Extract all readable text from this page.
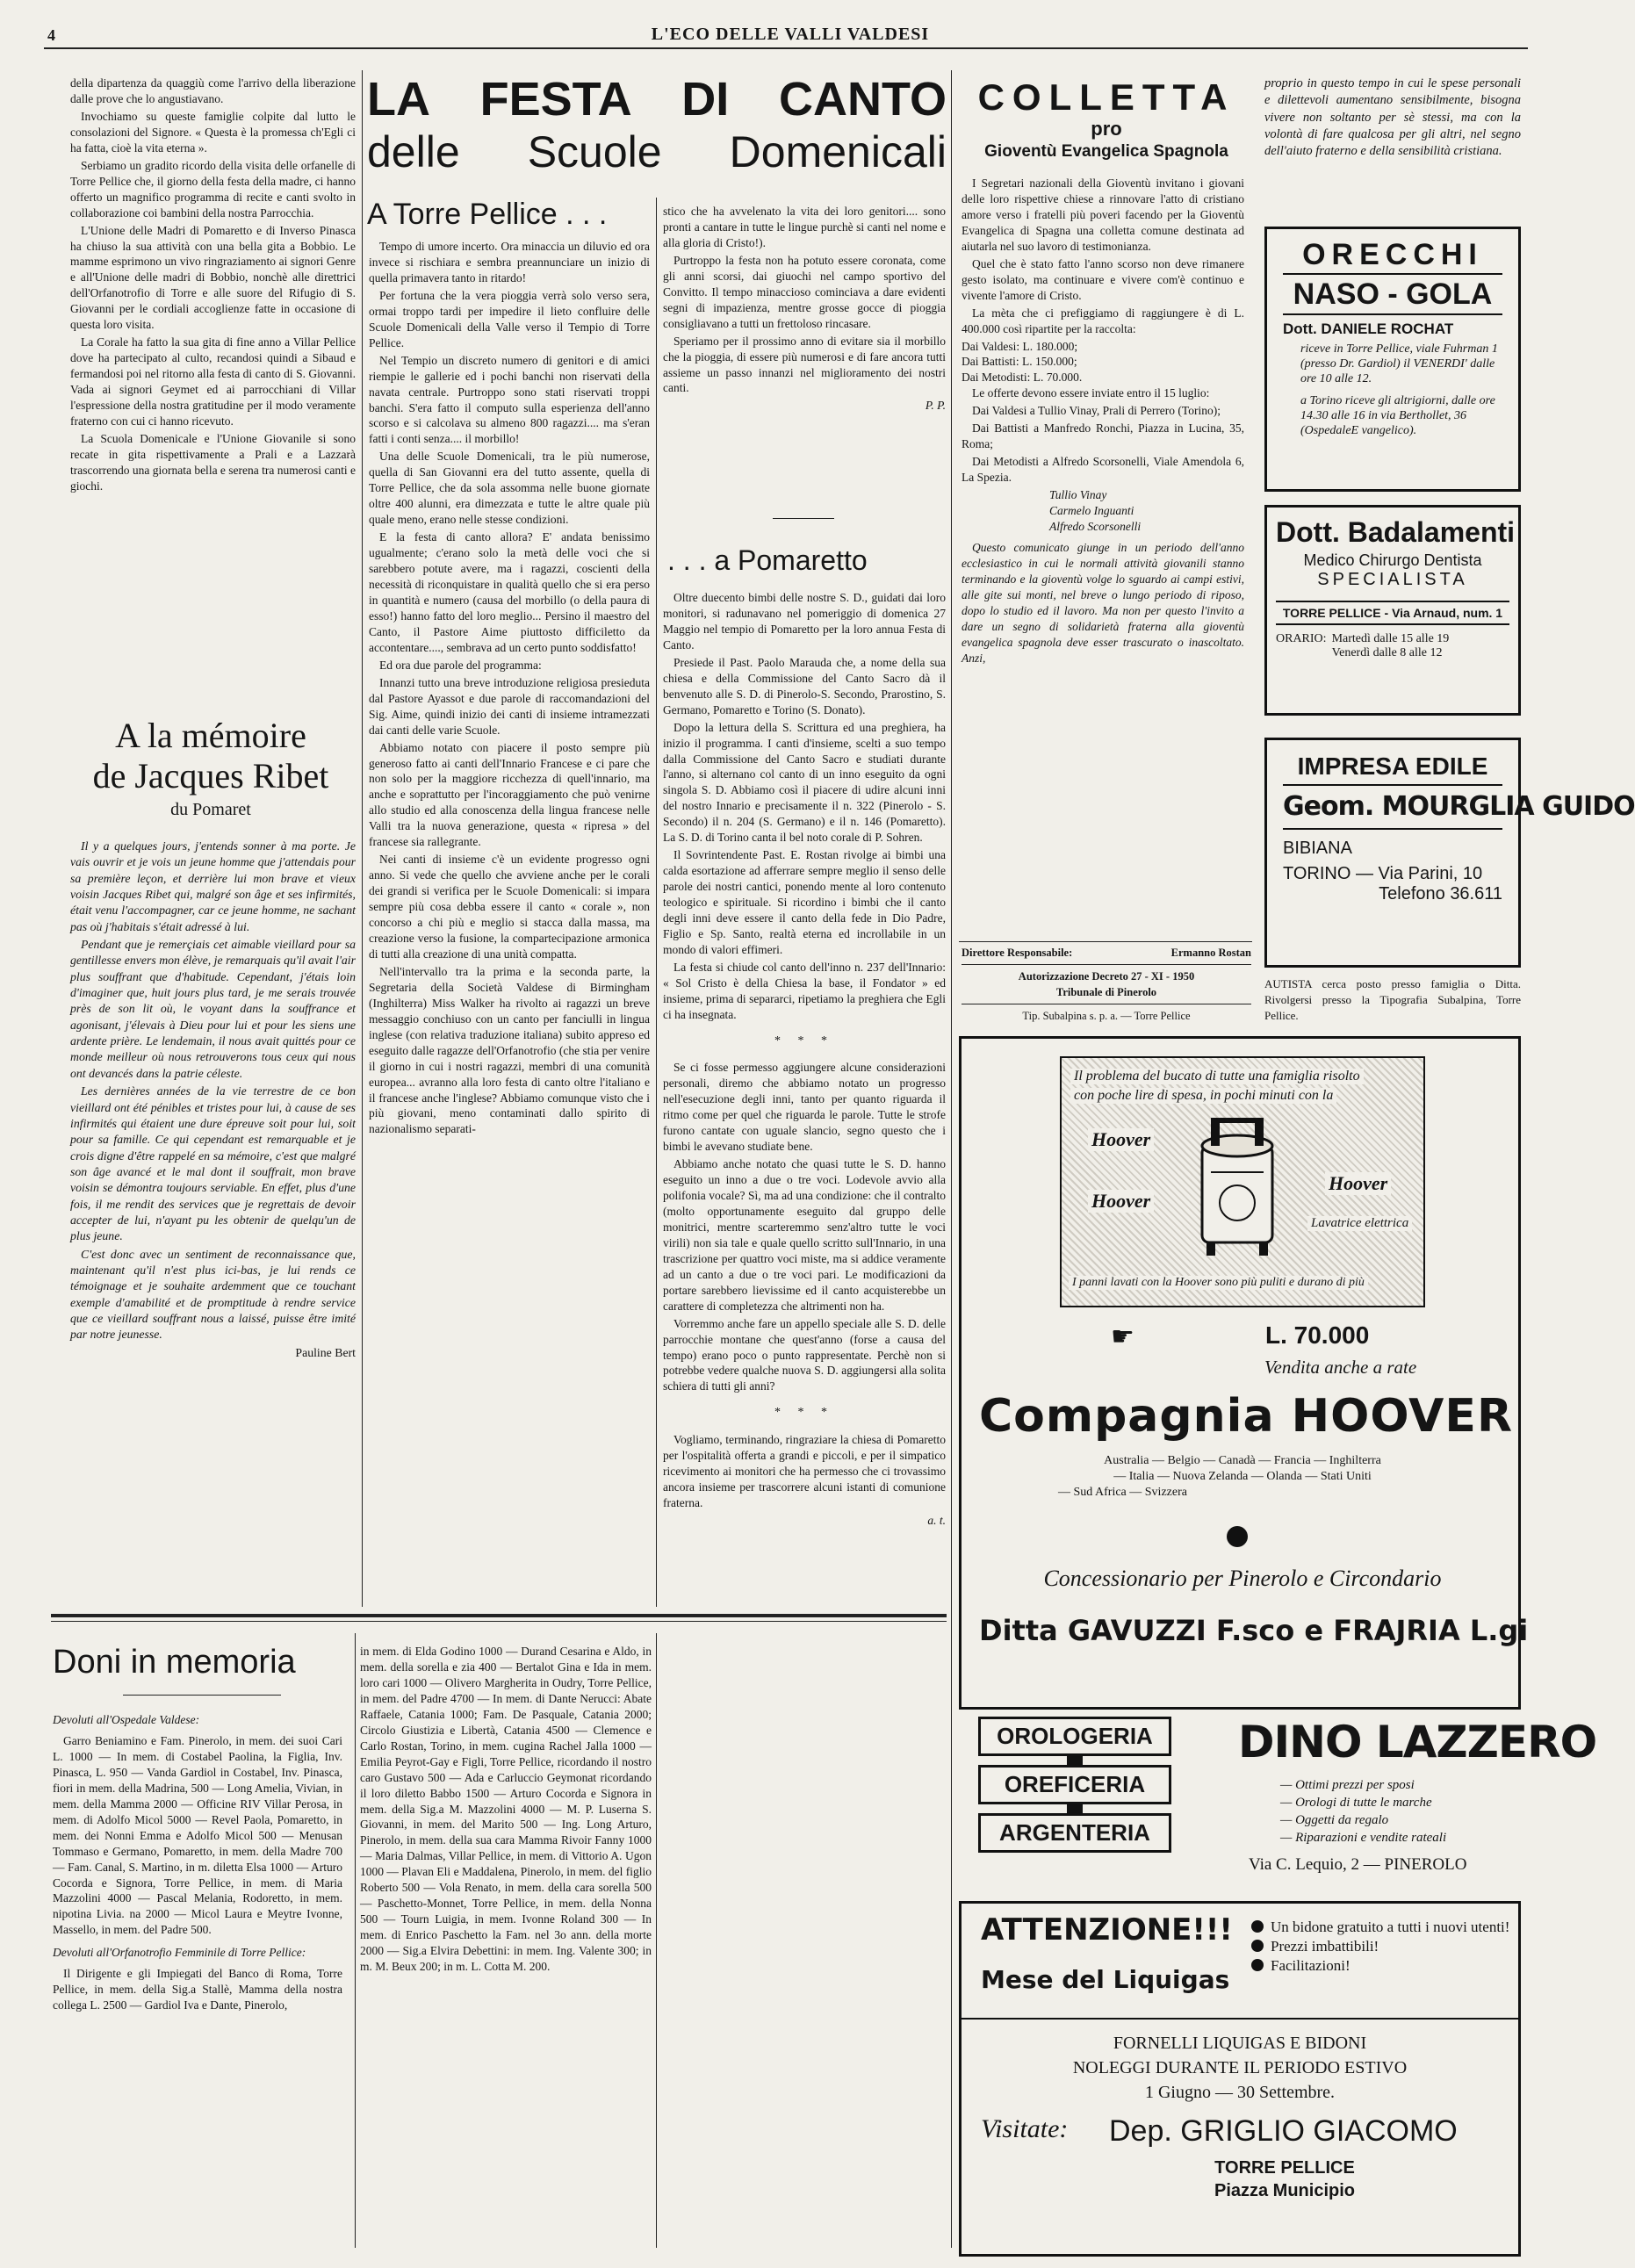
4	L'ECO DELLE VALLI VALDESI

della dipartenza da quaggiù come l'arrivo della liberazione dalle prove che lo angustiavano.

Invochiamo su queste famiglie colpite dal lutto le consolazioni del Signore. « Questa è la promessa ch'Egli ci ha fatta, cioè la vita eterna ».

Serbiamo un gradito ricordo della visita delle orfanelle di Torre Pellice che, il giorno della festa della madre, ci hanno offerto un magnifico programma di recite e canti svolto in collaborazione coi bambini della nostra Parrocchia.

L'Unione delle Madri di Pomaretto e di Inverso Pinasca ha chiuso la sua attività con una bella gita a Bobbio. Le mamme esprimono un vivo ringraziamento ai signori Genre e all'Unione delle madri di Bobbio, nonchè alle direttrici dell'Orfanotrofio di Torre e alle suore del Rifugio di S. Giovanni per le cordiali accoglienze fatte in occasione di questa loro visita.

La Corale ha fatto la sua gita di fine anno a Villar Pellice dove ha partecipato al culto, recandosi quindi a Sibaud e fermandosi poi nel ritorno alla festa di canto di S. Giovanni. Vada ai signori Geymet ed ai parrocchiani di Villar l'espressione della nostra gratitudine per il modo veramente fraterno con cui ci hanno ricevuto.

La Scuola Domenicale e l'Unione Giovanile si sono recate in gita rispettivamente a Prali e a Lazzarà trascorrendo una giornata bella e serena tra numerosi canti e giochi.

A la mémoire
de Jacques Ribet
du Pomaret

Il y a quelques jours, j'entends sonner à ma porte. Je vais ouvrir et je vois un jeune homme que j'attendais pour sa première leçon, et derrière lui mon brave et vieux voisin Jacques Ribet qui, malgré son âge et ses infirmités, était venu l'accompagner, car ce jeune homme, ne sachant pas où j'habitais s'était adressé à lui.

Pendant que je remerçiais cet aimable vieillard pour sa gentillesse envers mon élève, je remarquais qu'il avait l'air plus souffrant que d'habitude. Cependant, j'étais loin d'imaginer que, huit jours plus tard, je me serais trouvée près de son lit où, le voyant dans la souffrance et agonisant, j'élevais à Dieu pour lui et pour les siens une ardente prière. Le lendemain, il nous avait quittés pour ce monde meilleur où nous retrouverons tous ceux qui nous ont devancés dans la patrie céleste.

Les dernières années de la vie terrestre de ce bon vieillard ont été pénibles et tristes pour lui, à cause de ses infirmités qui étaient une dure épreuve soit pour lui, soit pour sa famille. Ce qui cependant est remarquable et je crois digne d'être rappelé en sa mémoire, c'est que malgré son âge avancé et le mal dont il souffrait, mon brave voisin se démontra toujours serviable. En effet, plus d'une fois, il me rendit des services que je regrettais de devoir accepter de lui, n'ayant pu les obtenir de quelqu'un de plus jeune.

C'est donc avec un sentiment de reconnaissance que, maintenant qu'il n'est plus ici-bas, je lui rends ce témoignage et je souhaite ardemment que ce touchant exemple d'amabilité et de promptitude à rendre service que ce vieillard souffrant nous a laissé, puisse être imité par notre jeunesse.

Pauline Bert
LA FESTA DI CANTO
delle Scuole Domenicali
A Torre Pellice . . .

Tempo di umore incerto. Ora minaccia un diluvio ed ora invece si rischiara e sembra preannunciare un inizio di quella primavera tanto in ritardo!

Per fortuna che la vera pioggia verrà solo verso sera, ormai troppo tardi per impedire il lieto confluire delle Scuole Domenicali della Valle verso il Tempio di Torre Pellice.

Nel Tempio un discreto numero di genitori e di amici riempie le gallerie ed i pochi banchi non riservati della navata centrale. Purtroppo sono stati riservati troppi banchi. S'era fatto il computo sulla esperienza dell'anno scorso e si calcolava su almeno 800 ragazzi.... ma s'eran fatti i conti senza.... il morbillo!

Una delle Scuole Domenicali, tra le più numerose, quella di San Giovanni era del tutto assente, quella di Torre Pellice, che da sola assomma nelle buone giornate oltre 400 alunni, era dimezzata e tutte le altre quale più quale meno, erano nelle stesse condizioni.

E la festa di canto allora? E' andata benissimo ugualmente; c'erano solo la metà delle voci che si sarebbero potute avere, ma i ragazzi, coscienti della necessità di riconquistare in qualità quello che si era perso in quantità e numero (causa del morbillo (o della paura di esso!) hanno fatto del loro meglio... Persino il maestro del Canto, il Pastore Aime piuttosto difficiletto da accontentare...., sembrava ad un certo punto soddisfatto!

Ed ora due parole del programma:

Innanzi tutto una breve introduzione religiosa presieduta dal Pastore Ayassot e due parole di raccomandazioni del Sig. Aime, quindi inizio dei canti di insieme intramezzati dai canti delle varie Scuole.

Abbiamo notato con piacere il posto sempre più generoso fatto ai canti dell'Innario Francese e ci pare che non solo per la maggiore ricchezza di quell'innario, ma anche e soprattutto per l'incoraggiamento che può venirne allo studio ed alla conoscenza della lingua francese nelle Valli tra la nuova generazione, questa « ripresa » del francese sia rallegrante.

Nei canti di insieme c'è un evidente progresso ogni anno. Si vede che quello che avviene anche per le corali dei grandi si verifica per le Scuole Domenicali: si impara sempre più cosa debba essere il canto « corale », non concorso a chi più e meglio si stacca dalla massa, ma creazione verso la fusione, la compartecipazione armonica di tutti alla creazione di una unità compatta.

Nell'intervallo tra la prima e la seconda parte, la Segretaria della Società Valdese di Birmingham (Inghilterra) Miss Walker ha rivolto ai ragazzi un breve messaggio conchiuso con un canto per fanciulli in lingua inglese (con relativa traduzione italiana) subito appreso ed eseguito dalle ragazze dell'Orfanotrofio (che stia per venire il giorno in cui i nostri ragazzi, membri di una comunità europea... avranno alla loro festa di canto oltre l'italiano e il francese anche l'inglese? Abbiamo comunque visto che i più giovani, meno contaminati dallo spirito di nazionalismo separati-

stico che ha avvelenato la vita dei loro genitori.... sono pronti a cantare in tutte le lingue purchè si canti nel nome e alla gloria di Cristo!).

Purtroppo la festa non ha potuto essere coronata, come gli anni scorsi, dai giuochi nel campo sportivo del Convitto. Il tempo minaccioso cominciava a dare evidenti segni di impazienza, mentre grosse gocce di pioggia consigliavano a tutti un frettoloso rincasare.

Speriamo per il prossimo anno di evitare sia il morbillo che la pioggia, di essere più numerosi e di fare ancora tutti assieme un passo innanzi nel miglioramento dei nostri canti.

P. P.
. . . a Pomaretto

Oltre duecento bimbi delle nostre S. D., guidati dai loro monitori, si radunavano nel pomeriggio di domenica 27 Maggio nel tempio di Pomaretto per la loro annua Festa di Canto.

Presiede il Past. Paolo Marauda che, a nome della sua chiesa e della Commissione del Canto Sacro dà il benvenuto alle S. D. di Pinerolo-S. Secondo, Prarostino, S. Germano, Pomaretto e Torino (S. Donato).

Dopo la lettura della S. Scrittura ed una preghiera, ha inizio il programma. I canti d'insieme, scelti a suo tempo dalla Commissione del Canto Sacro e studiati durante l'anno, si alternano col canto di un inno eseguito da ogni singola S. D. Abbiamo così il piacere di udire alcuni inni del nostro Innario e precisamente il n. 322 (Pinerolo - S. Secondo) il n. 204 (S. Germano) e il n. 146 (Pomaretto). La S. D. di Torino canta il bel noto corale di P. Sohren.

Il Sovrintendente Past. E. Rostan rivolge ai bimbi una calda esortazione ad afferrare sempre meglio il senso delle parole dei nostri cantici, ponendo mente al loro contenuto teologico e spirituale. Si ricordino i bimbi che il canto degli inni deve essere il canto della fede in Dio Padre, Figlio e Sp. Santo, realtà eterna ed incrollabile in un mondo di valori effimeri.

La festa si chiude col canto dell'inno n. 237 dell'Innario: « Sol Cristo è della Chiesa la base, il Fondator » ed insieme, prima di separarci, ripetiamo la preghiera che Egli ci ha insegnata.

* * *

Se ci fosse permesso aggiungere alcune considerazioni personali, diremo che abbiamo notato un progresso nell'esecuzione degli inni, tanto per quanto riguarda il ritmo come per quel che riguarda le parole. Tutte le strofe furono cantate con uguale slancio, segno questo che i bimbi le avevano studiate bene.

Abbiamo anche notato che quasi tutte le S. D. hanno eseguito un inno a due o tre voci. Lodevole avvio alla polifonia vocale? Sì, ma ad una condizione: che il contralto (molto opportunamente eseguito dal gruppo delle monitrici, mentre scarteremmo senz'altro tutte le voci virili) non sia tale e quale quello scritto sull'Innario, in una trascrizione per quattro voci miste, ma si addice veramente ad un canto a due o tre voci pari. Le modificazioni da portare sarebbero lievissime ed il canto acquisterebbe un carattere di completezza che altrimenti non ha.

Vorremmo anche fare un appello speciale alle S. D. delle parrocchie montane che quest'anno (forse a causa del tempo) erano poco o punto rappresentate. Perchè non si potrebbe vedere qualche nuova S. D. aggiungersi alla solita schiera di tutti gli anni?

* * *

Vogliamo, terminando, ringraziare la chiesa di Pomaretto per l'ospitalità offerta a grandi e piccoli, e per il simpatico ricevimento ai monitori che ha permesso che ci trovassimo ancora insieme per trascorrere alcuni istanti di comunione fraterna.

a. t.
COLLETTA
pro
Gioventù Evangelica Spagnola

I Segretari nazionali della Gioventù invitano i giovani delle loro rispettive chiese a rinnovare l'atto di cristiano amore verso i fratelli più poveri facendo per la Gioventù Evangelica di Spagna una colletta comune destinata ad aiutarla nel suo lavoro di testimonianza.

Quel che è stato fatto l'anno scorso non deve rimanere gesto isolato, ma continuare e vivere com'è continuo e vivente l'amore di Cristo.

La mèta che ci prefiggiamo di raggiungere è di L. 400.000 così ripartite per la raccolta:

Dai Valdesi: L. 180.000;
Dai Battisti: L. 150.000;
Dai Metodisti: L. 70.000.

Le offerte devono essere inviate entro il 15 luglio:

Dai Valdesi a Tullio Vinay, Prali di Perrero (Torino);

Dai Battisti a Manfredo Ronchi, Piazza in Lucina, 35, Roma;

Dai Metodisti a Alfredo Scorsonelli, Viale Amendola 6, La Spezia.

Tullio Vinay
Carmelo Inguanti
Alfredo Scorsonelli

Questo comunicato giunge in un periodo dell'anno ecclesiastico in cui le normali attività giovanili stanno terminando e la gioventù volge lo sguardo ai campi estivi, alle gite sui monti, nel breve o lungo periodo di riposo, dopo lo studio ed il lavoro. Ma non per questo l'invito a dare un segno di solidarietà fraterna alla gioventù evangelica spagnola deve esser trascurato o inascoltato. Anzi,

Direttore Responsabile:	Ermanno Rostan
Autorizzazione Decreto 27 - XI - 1950
Tribunale di Pinerolo
Tip. Subalpina s. p. a. — Torre Pellice
proprio in questo tempo in cui le spese personali e dilettevoli aumentano sensibilmente, bisogna vivere non soltanto per sè stessi, ma con la volontà di fare qualcosa per gli altri, nel segno dell'aiuto fraterno e della sensibilità cristiana.
ORECCHI
NASO - GOLA
Dott. DANIELE ROCHAT
riceve in Torre Pellice, viale Fuhrman 1 (presso Dr. Gardiol) il VENERDI' dalle ore 10 alle 12.
a Torino riceve gli altrigiorni, dalle ore 14.30 alle 16 in via Berthollet, 36 (OspedaleE vangelico).
Dott. Badalamenti
Medico Chirurgo Dentista
SPECIALISTA
TORRE PELLICE - Via Arnaud, num. 1
ORARIO: Martedì dalle 15 alle 19
Venerdì dalle 8 alle 12
IMPRESA EDILE
Geom. MOURGLIA GUIDO
BIBIANA
TORINO — Via Parini, 10
Telefono 36.611
AUTISTA cerca posto presso famiglia o Ditta. Rivolgersi presso la Tipografia Subalpina, Torre Pellice.
Il problema del bucato di tutte una famiglia risolto
con poche lire di spesa, in pochi minuti con la
Hoover
Hoover
Hoover
Lavatrice elettrica
I panni lavati con la Hoover sono più puliti e durano di più
☛	L. 70.000
Vendita anche a rate
Compagnia HOOVER
Australia — Belgio — Canadà — Francia — Inghilterra
— Italia — Nuova Zelanda — Olanda — Stati Uniti
— Sud Africa — Svizzera
Concessionario per Pinerolo e Circondario
Ditta GAVUZZI F.sco e FRAJRIA L.gi
OROLOGERIA
OREFICERIA
ARGENTERIA
DINO LAZZERO
— Ottimi prezzi per sposi
— Orologi di tutte le marche
— Oggetti da regalo
— Riparazioni e vendite rateali
Via C. Lequio, 2 — PINEROLO
ATTENZIONE!!!
Mese del Liquigas
Un bidone gratuito a tutti i nuovi utenti!
Prezzi imbattibili!
Facilitazioni!
FORNELLI LIQUIGAS E BIDONI
NOLEGGI DURANTE IL PERIODO ESTIVO
1 Giugno — 30 Settembre.
Visitate: Dep. GRIGLIO GIACOMO
TORRE PELLICE
Piazza Municipio
Doni in memoria
Devoluti all'Ospedale Valdese:

Garro Beniamino e Fam. Pinerolo, in mem. dei suoi Cari L. 1000 — In mem. di Costabel Paolina, la Figlia, Inv. Pinasca, L. 950 — Vanda Gardiol in Costabel, Inv. Pinasca, fiori in mem. della Madrina, 500 — Long Amelia, Vivian, in mem. della Mamma 2000 — Officine RIV Villar Perosa, in mem. di Adolfo Micol 5000 — Revel Paola, Pomaretto, in mem. dei Nonni Emma e Adolfo Micol 500 — Menusan Tommaso e Germano, Pomaretto, in mem. della Madre 700 — Fam. Canal, S. Martino, in m. diletta Elsa 1000 — Arturo Cocorda e Signora, Torre Pellice, in mem. di Maria Mazzolini 4000 — Pascal Melania, Rodoretto, in mem. nipotina Livia. na 2000 — Micol Laura e Meytre Ivonne, Massello, in mem. del Padre 500.

Devoluti all'Orfanotrofio Femminile di Torre Pellice:

Il Dirigente e gli Impiegati del Banco di Roma, Torre Pellice, in mem. della Sig.a Stallè, Mamma della nostra collega L. 2500 — Gardiol Iva e Dante, Pinerolo,

in mem. di Elda Godino 1000 — Durand Cesarina e Aldo, in mem. della sorella e zia 400 — Bertalot Gina e Ida in mem. loro cari 1000 — Olivero Margherita in Oudry, Torre Pellice, in mem. del Padre 4700 — In mem. di Dante Nerucci: Abate Raffaele, Catania 1000; Fam. De Pasquale, Catania 2000; Circolo Giustizia e Libertà, Catania 4500 — Clemence e Carlo Rostan, Torino, in mem. cugina Rachel Jalla 1000 — Emilia Peyrot-Gay e Figli, Torre Pellice, ricordando il nostro caro Gustavo 500 — Ada e Carluccio Geymonat ricordando il loro diletto Babbo 1500 — Arturo Cocorda e Signora in mem. della Sig.a M. Mazzolini 4000 — M. P. Luserna S. Giovanni, in mem. del Marito 500 — Ing. Long Arturo, Pinerolo, in mem. della sua cara Mamma Rivoir Fanny 1000 — Maria Dalmas, Villar Pellice, in mem. di Vittorio A. Ugon 1000 — Plavan Eli e Maddalena, Pinerolo, in mem. del figlio Roberto 500 — Vola Renato, in mem. della cara sorella 500 — Paschetto-Monnet, Torre Pellice, in mem. della Nonna 500 — Tourn Luigia, in mem. Ivonne Roland 300 — In mem. di Enrico Paschetto la Fam. nel 3o ann. della morte 2000 — Sig.a Elvira Debettini: in mem. Ing. Valente 300; in m. M. Beux 200; in m. L. Cotta M. 200.
